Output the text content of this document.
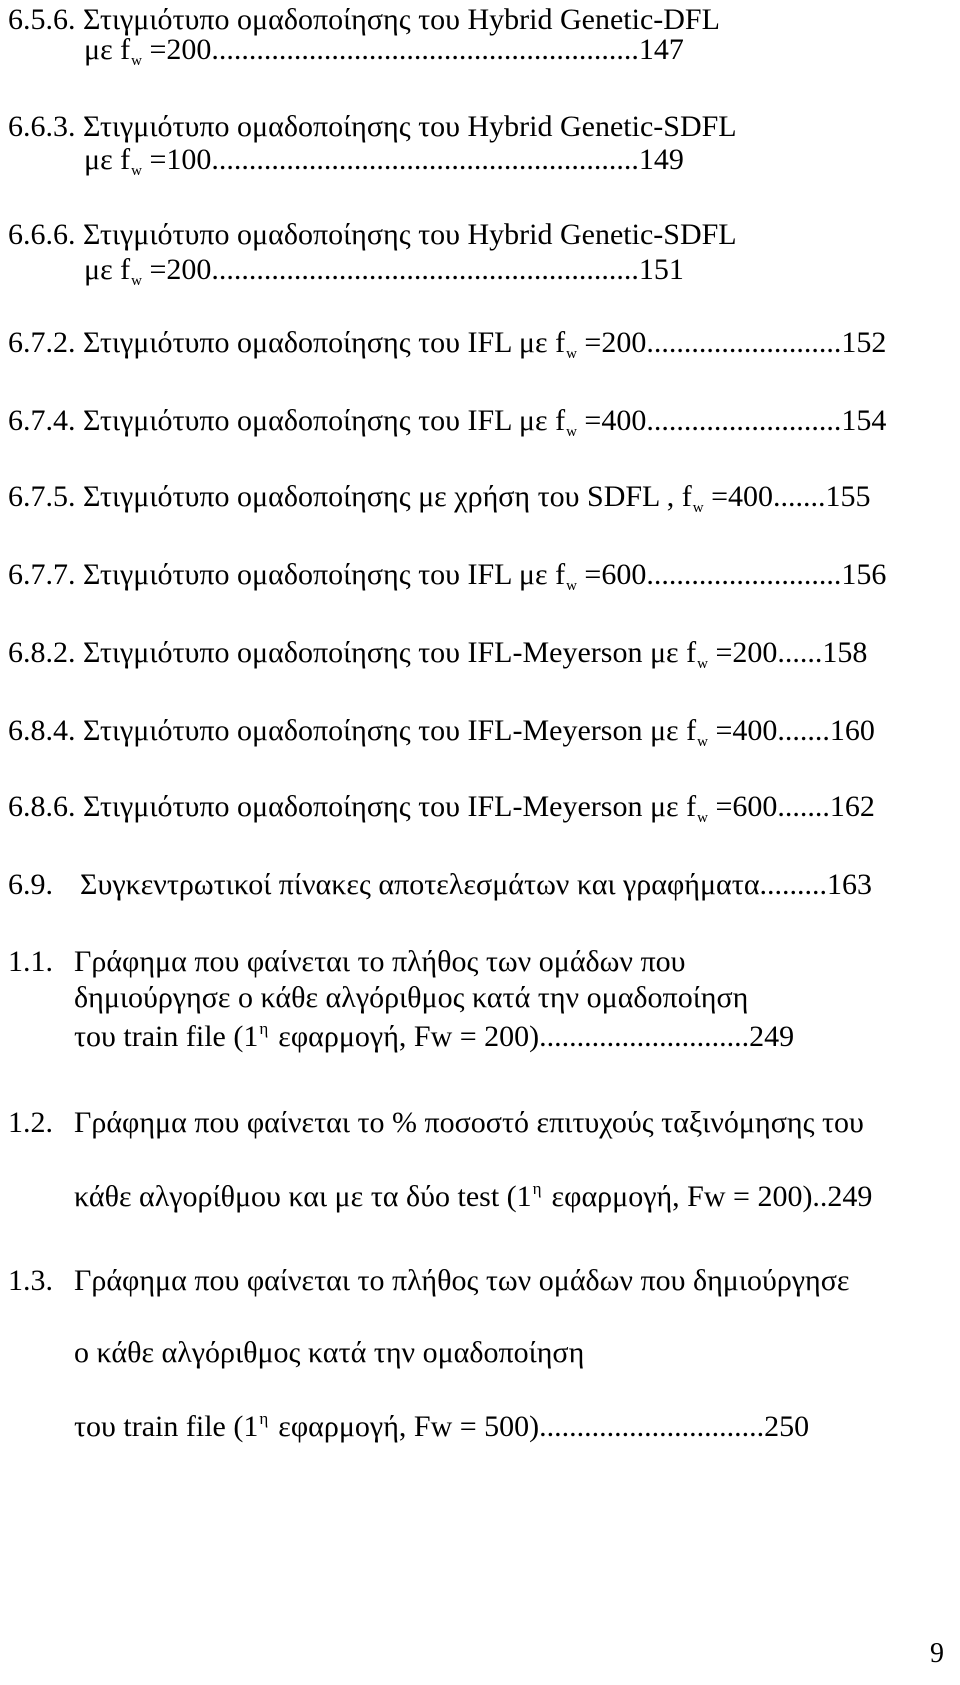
6.5.6. Στιγμιότυπο ομαδοποίησης του Hybrid Genetic-DFL
με $f_w =200.........................................................147$
6.6.3. Στιγμιότυπο ομαδοποίησης του Hybrid Genetic-SDFL
με $f_w =100.........................................................149$
6.6.6. Στιγμιότυπο ομαδοποίησης του Hybrid Genetic-SDFL
με $f_w =200.........................................................151$
6.7.2. Στιγμιότυπο ομαδοποίησης του IFL με $f_w =200..........................152$
6.7.4. Στιγμιότυπο ομαδοποίησης του IFL με $f_w =400..........................154$
6.7.5. Στιγμιότυπο ομαδοποίησης με χρήση του SDFL , $f_w =400.......155$
6.7.7. Στιγμιότυπο ομαδοποίησης του IFL με $f_w =600..........................156$
6.8.2. Στιγμιότυπο ομαδοποίησης του IFL-Meyerson με $f_w =200......158$
6.8.4. Στιγμιότυπο ομαδοποίησης του IFL-Meyerson με $f_w =400.......160$
6.8.6. Στιγμιότυπο ομαδοποίησης του IFL-Meyerson με $f_w =600.......162$
6.9. Συγκεντρωτικοί πίνακες αποτελεσμάτων και γραφήματα.........163
1.1. Γράφημα που φαίνεται το πλήθος των ομάδων που
δημιούργησε ο κάθε αλγόριθμος κατά την ομαδοποίηση
του train file ($1^\eta$ εφαρμογή, Fw = 200)............................249
1.2. Γράφημα που φαίνεται το % ποσοστό επιτυχούς ταξινόμησης του
κάθε αλγορίθμου και με τα δύο test ($1^\eta$ εφαρμογή, Fw = 200)..249
1.3. Γράφημα που φαίνεται το πλήθος των ομάδων που δημιούργησε
ο κάθε αλγόριθμος κατά την ομαδοποίηση
του train file ($1^\eta$ εφαρμογή, Fw = 500)..............................250
9
